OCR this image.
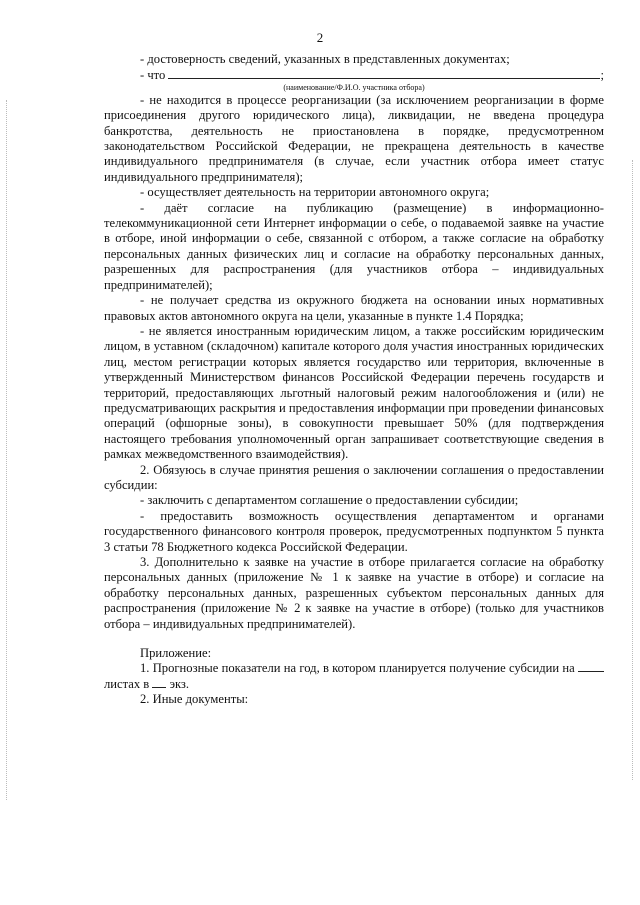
2

- достоверность сведений, указанных в представленных документах;

- что	;

(наименование/Ф.И.О. участника отбора)

- не находится в процессе реорганизации (за исключением реорганизации в форме присоединения другого юридического лица), ликвидации, не введена процедура банкротства, деятельность не приостановлена в порядке, предусмотренном законодательством Российской Федерации, не прекращена деятельность в качестве индивидуального предпринимателя (в случае, если участник отбора имеет статус индивидуального предпринимателя);

- осуществляет деятельность на территории автономного округа;

- даёт согласие на публикацию (размещение) в информационно-телекоммуникационной сети Интернет информации о себе, о подаваемой заявке на участие в отборе, иной информации о себе, связанной с отбором, а также согласие на обработку персональных данных физических лиц и согласие на обработку персональных данных, разрешенных для распространения (для участников отбора – индивидуальных предпринимателей);

- не получает средства из окружного бюджета на основании иных нормативных правовых актов автономного округа на цели, указанные в пункте 1.4 Порядка;

- не является иностранным юридическим лицом, а также российским юридическим лицом, в уставном (складочном) капитале которого доля участия иностранных юридических лиц, местом регистрации которых является государство или территория, включенные в утвержденный Министерством финансов Российской Федерации перечень государств и территорий, предоставляющих льготный налоговый режим налогообложения и (или) не предусматривающих раскрытия и предоставления информации при проведении финансовых операций (офшорные зоны), в совокупности превышает 50% (для подтверждения настоящего требования уполномоченный орган запрашивает соответствующие сведения в рамках межведомственного взаимодействия).

2. Обязуюсь в случае принятия решения о заключении соглашения о предоставлении субсидии:

- заключить с департаментом соглашение о предоставлении субсидии;

- предоставить возможность осуществления департаментом и органами государственного финансового контроля проверок, предусмотренных подпунктом 5 пункта 3 статьи 78 Бюджетного кодекса Российской Федерации.

3. Дополнительно к заявке на участие в отборе прилагается согласие на обработку персональных данных (приложение № 1 к заявке на участие в отборе) и согласие на обработку персональных данных, разрешенных субъектом персональных данных для распространения (приложение № 2 к заявке на участие в отборе) (только для участников отбора – индивидуальных предпринимателей).

Приложение:

1. Прогнозные показатели на год, в котором планируется получение субсидии на  листах в экз.

2. Иные документы:
